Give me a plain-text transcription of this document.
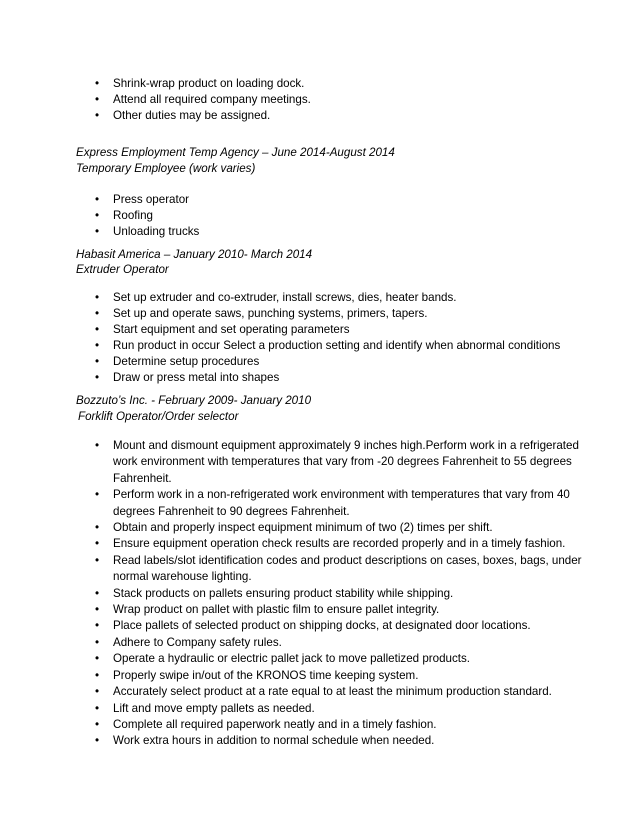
• Shrink-wrap product on loading dock.
• Attend all required company meetings.
• Other duties may be assigned.
Express Employment Temp Agency – June 2014-August 2014
Temporary Employee (work varies)
• Press operator
• Roofing
• Unloading trucks
Habasit America – January 2010- March 2014
Extruder Operator
• Set up extruder and co-extruder, install screws, dies, heater bands.
• Set up and operate saws, punching systems, primers, tapers.
• Start equipment and set operating parameters
• Run product in occur Select a production setting and identify when abnormal conditions
• Determine setup procedures
• Draw or press metal into shapes
Bozzuto’s Inc. - February 2009- January 2010
Forklift Operator/Order selector
• Mount and dismount equipment approximately 9 inches high.Perform work in a refrigerated work environment with temperatures that vary from -20 degrees Fahrenheit to 55 degrees Fahrenheit.
• Perform work in a non-refrigerated work environment with temperatures that vary from 40 degrees Fahrenheit to 90 degrees Fahrenheit.
• Obtain and properly inspect equipment minimum of two (2) times per shift.
• Ensure equipment operation check results are recorded properly and in a timely fashion.
• Read labels/slot identification codes and product descriptions on cases, boxes, bags, under normal warehouse lighting.
• Stack products on pallets ensuring product stability while shipping.
• Wrap product on pallet with plastic film to ensure pallet integrity.
• Place pallets of selected product on shipping docks, at designated door locations.
• Adhere to Company safety rules.
• Operate a hydraulic or electric pallet jack to move palletized products.
• Properly swipe in/out of the KRONOS time keeping system.
• Accurately select product at a rate equal to at least the minimum production standard.
• Lift and move empty pallets as needed.
• Complete all required paperwork neatly and in a timely fashion.
• Work extra hours in addition to normal schedule when needed.
